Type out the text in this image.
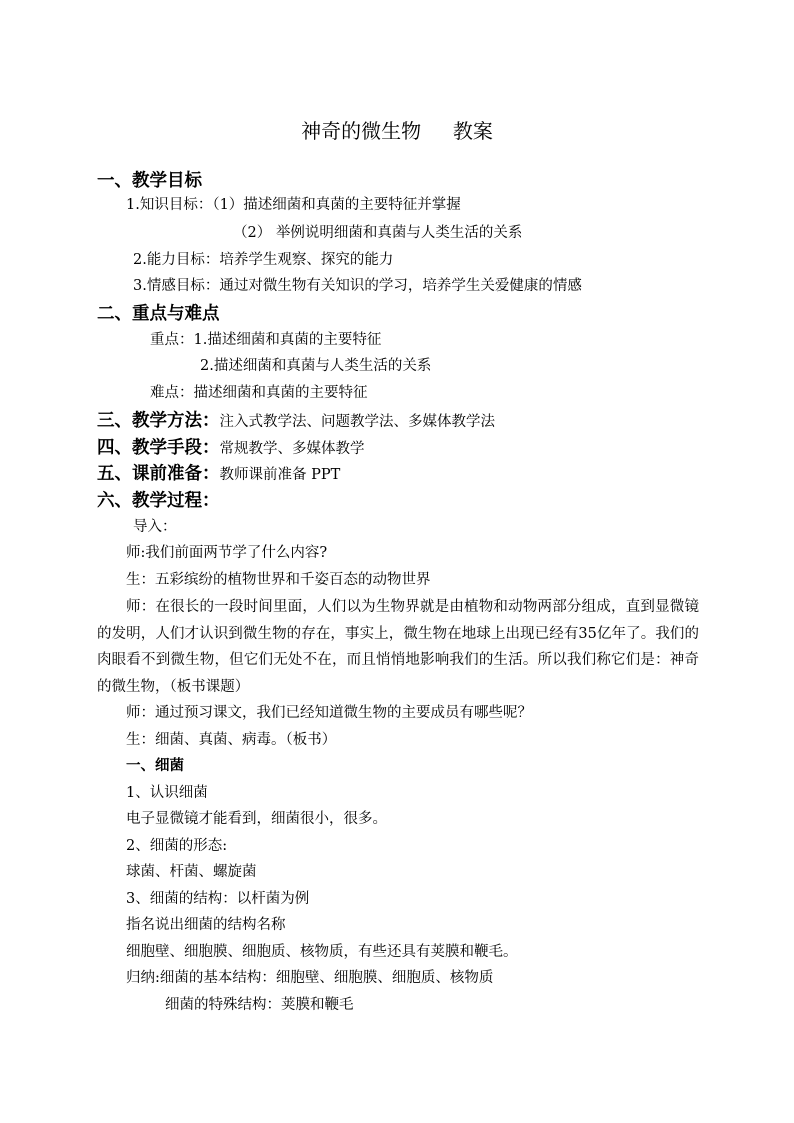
神奇的微生物     教案
一、教学目标
1.知识目标：（1）描述细菌和真菌的主要特征并掌握
（2） 举例说明细菌和真菌与人类生活的关系
2.能力目标：培养学生观察、探究的能力
3.情感目标：通过对微生物有关知识的学习，培养学生关爱健康的情感
二、重点与难点
重点：1.描述细菌和真菌的主要特征
2.描述细菌和真菌与人类生活的关系
难点：描述细菌和真菌的主要特征
三、教学方法：注入式教学法、问题教学法、多媒体教学法
四、教学手段：常规教学、多媒体教学
五、课前准备：教师课前准备 PPT
六、教学过程：
导入：
师:我们前面两节学了什么内容?
生：五彩缤纷的植物世界和千姿百态的动物世界
师：在很长的一段时间里面，人们以为生物界就是由植物和动物两部分组成，直到显微镜的发明，人们才认识到微生物的存在，事实上，微生物在地球上出现已经有35亿年了。我们的肉眼看不到微生物，但它们无处不在，而且悄悄地影响我们的生活。所以我们称它们是：神奇的微生物，（板书课题）
师：通过预习课文，我们已经知道微生物的主要成员有哪些呢？
生：细菌、真菌、病毒。（板书）
一、细菌
1、认识细菌
电子显微镜才能看到，细菌很小，很多。
2、细菌的形态:
球菌、杆菌、螺旋菌
3、细菌的结构：以杆菌为例
指名说出细菌的结构名称
细胞壁、细胞膜、细胞质、核物质，有些还具有荚膜和鞭毛。
归纳:细菌的基本结构：细胞壁、细胞膜、细胞质、核物质
细菌的特殊结构：荚膜和鞭毛
